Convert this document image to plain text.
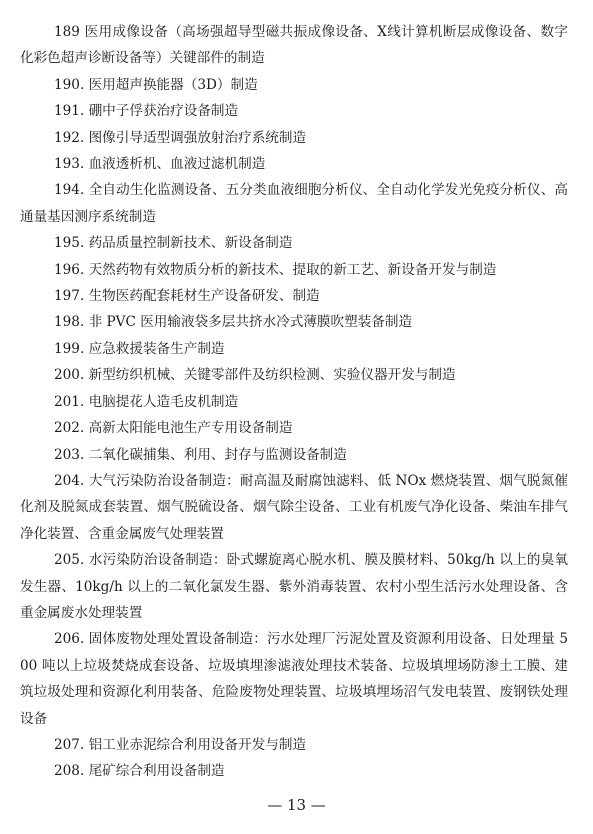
189 医用成像设备（高场强超导型磁共振成像设备、X线计算机断层成像设备、数字化彩色超声诊断设备等）关键部件的制造

190. 医用超声换能器（3D）制造

191. 硼中子俘获治疗设备制造

192. 图像引导适型调强放射治疗系统制造

193. 血液透析机、血液过滤机制造

194. 全自动生化监测设备、五分类血液细胞分析仪、全自动化学发光免疫分析仪、高通量基因测序系统制造

195. 药品质量控制新技术、新设备制造

196. 天然药物有效物质分析的新技术、提取的新工艺、新设备开发与制造

197. 生物医药配套耗材生产设备研发、制造

198. 非 PVC 医用输液袋多层共挤水冷式薄膜吹塑装备制造

199. 应急救援装备生产制造

200. 新型纺织机械、关键零部件及纺织检测、实验仪器开发与制造

201. 电脑提花人造毛皮机制造

202. 高新太阳能电池生产专用设备制造

203. 二氧化碳捕集、利用、封存与监测设备制造

204. 大气污染防治设备制造：耐高温及耐腐蚀滤料、低 NOx 燃烧装置、烟气脱氮催化剂及脱氮成套装置、烟气脱硫设备、烟气除尘设备、工业有机废气净化设备、柴油车排气净化装置、含重金属废气处理装置

205. 水污染防治设备制造：卧式螺旋离心脱水机、膜及膜材料、50kg/h 以上的臭氧发生器、10kg/h 以上的二氧化氯发生器、紫外消毒装置、农村小型生活污水处理设备、含重金属废水处理装置

206. 固体废物处理处置设备制造：污水处理厂污泥处置及资源利用设备、日处理量 500 吨以上垃圾焚烧成套设备、垃圾填埋渗滤液处理技术装备、垃圾填埋场防渗土工膜、建筑垃圾处理和资源化利用装备、危险废物处理装置、垃圾填埋场沼气发电装置、废钢铁处理设备

207. 铝工业赤泥综合利用设备开发与制造

208. 尾矿综合利用设备制造

— 13 —
